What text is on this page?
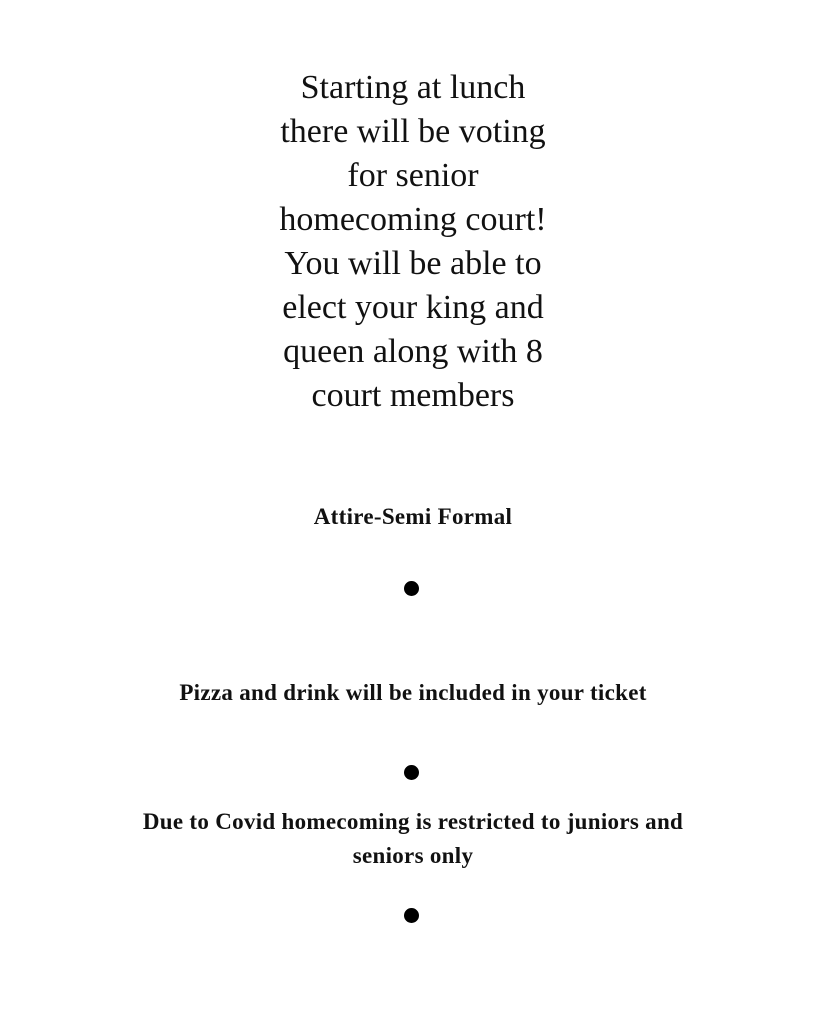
Starting at lunch
there will be voting
for senior
homecoming court!
You will be able to
elect your king and
queen along with 8
court members
Attire-Semi Formal
Pizza and drink will be included in your ticket
Due to Covid homecoming is restricted to juniors and
seniors only
